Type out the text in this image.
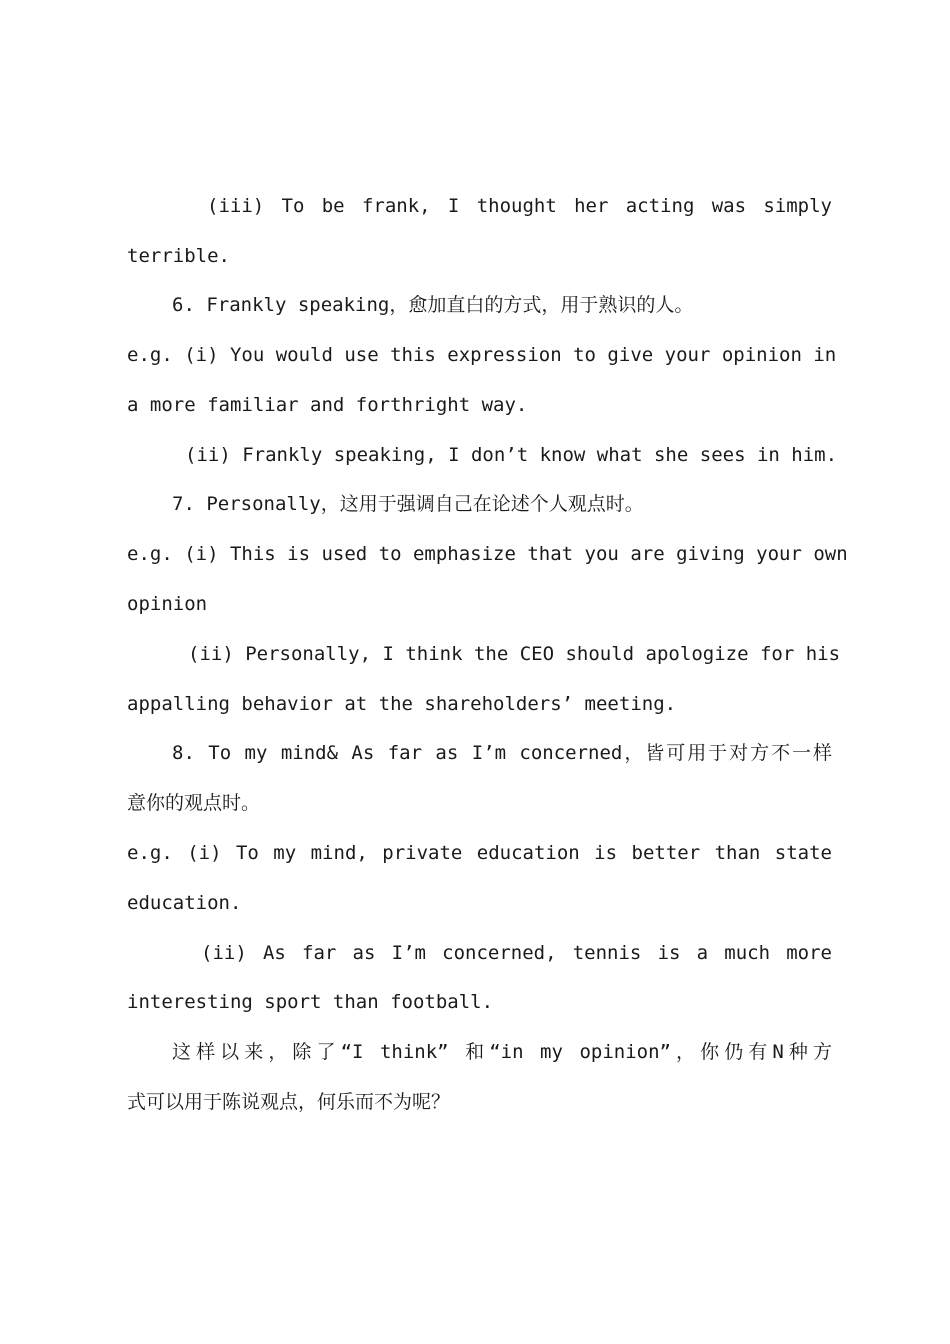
(iii) To be frank, I thought her acting was simply
terrible.
6. Frankly speaking，愈加直白的方式，用于熟识的人。
e.g. (i) You would use this expression to give your opinion in
a more familiar and forthright way.
(ii) Frankly speaking, I don’t know what she sees in him.
7. Personally，这用于强调自己在论述个人观点时。
e.g. (i) This is used to emphasize that you are giving your own
opinion
(ii) Personally, I think the CEO should apologize for his
appalling behavior at the shareholders’ meeting.
8. To my mind& As far as I’m concerned，皆可用于对方不一样
意你的观点时。
e.g. (i) To my mind, private education is better than state
education.
(ii) As far as I’m concerned, tennis is a much more
interesting sport than football.
这样以来，除了“I think” 和“in my opinion”，你仍有N种方
式可以用于陈说观点，何乐而不为呢？
